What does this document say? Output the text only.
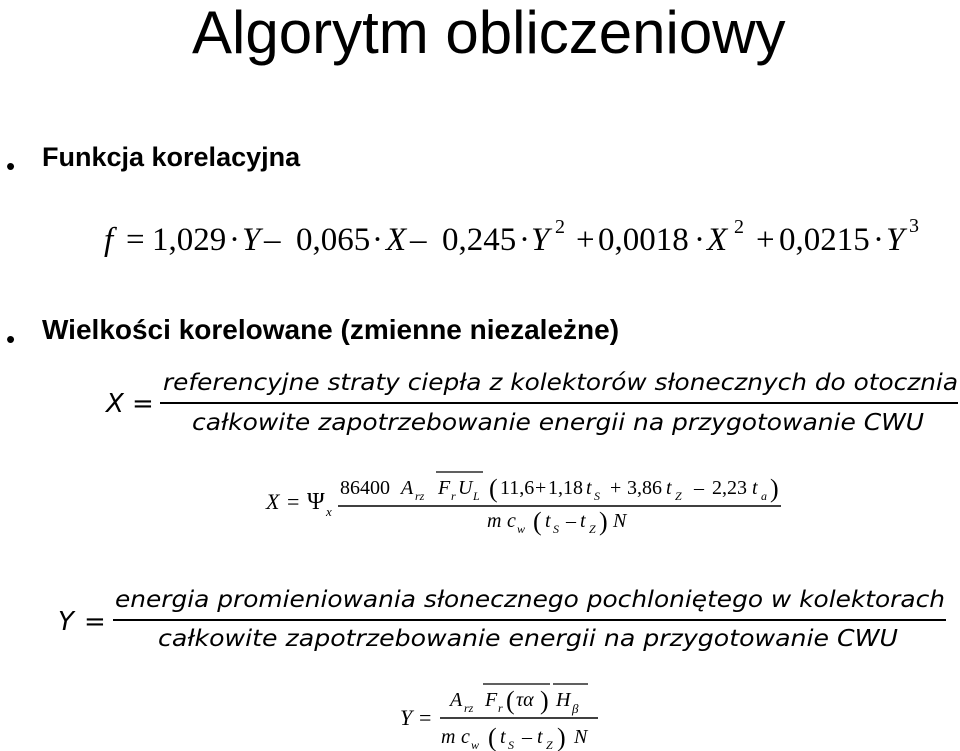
Algorytm obliczeniowy
• Funkcja korelacyjna
f = 1,029 · Y – 0,065 · X – 0,245 · Y 2 + 0,0018 · X 2 + 0,0215 · Y 3
X =
referencyjne straty ciepła z kolektorów słonecznych do otocznia
całkowite zapotrzebowanie energii na przygotowanie CWU
X = Ψ x
86400 A rz F r U L ( 11,6 + 1,18 t S + 3,86 t Z – 2,23 t a )
m c w ( t S – t Z ) N
Y =
energia promieniowania słonecznego pochloniętego w kolektorach
całkowite zapotrzebowanie energii na przygotowanie CWU
Y =
A rz F r ( τα ) H β
m c w ( t S – t Z ) N
• Wielkości korelowane (zmienne niezależne)
